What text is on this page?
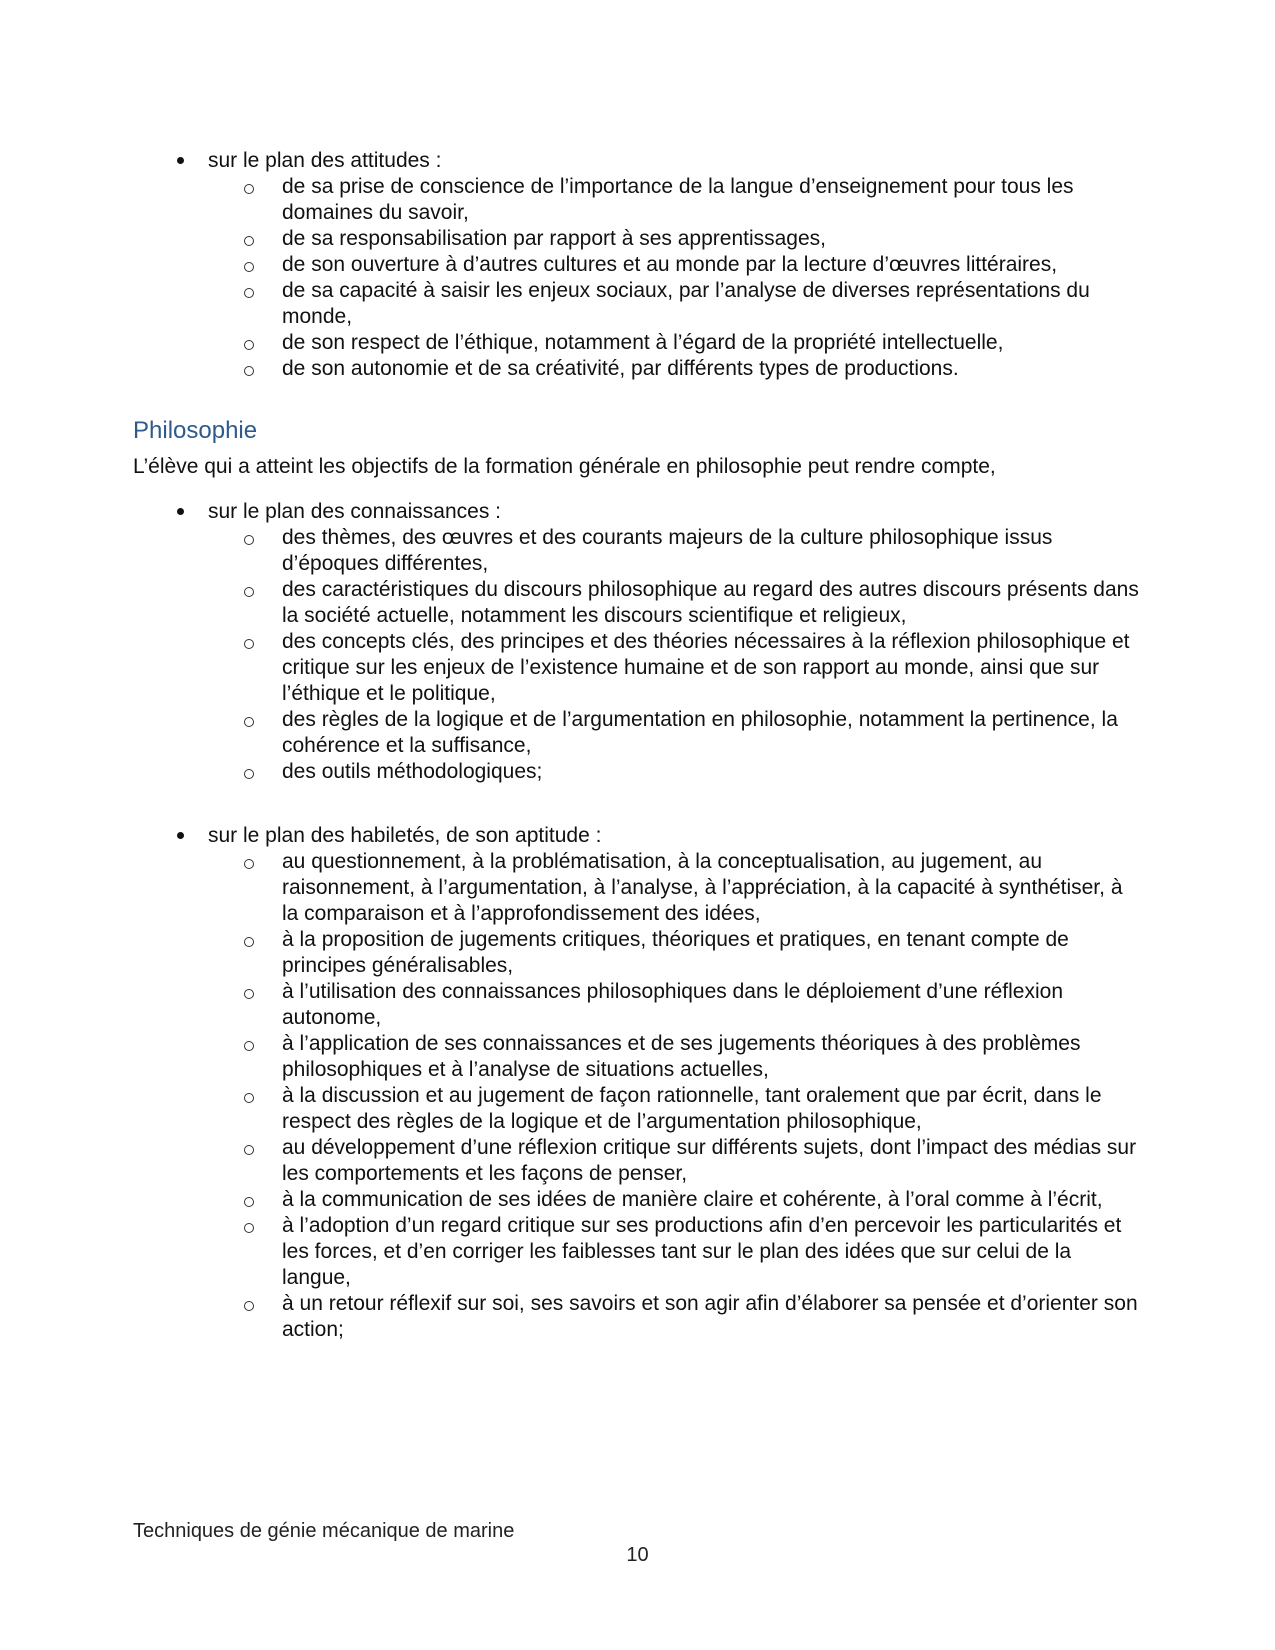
sur le plan des attitudes :
de sa prise de conscience de l’importance de la langue d’enseignement pour tous les domaines du savoir,
de sa responsabilisation par rapport à ses apprentissages,
de son ouverture à d’autres cultures et au monde par la lecture d’œuvres littéraires,
de sa capacité à saisir les enjeux sociaux, par l’analyse de diverses représentations du monde,
de son respect de l’éthique, notamment à l’égard de la propriété intellectuelle,
de son autonomie et de sa créativité, par différents types de productions.
Philosophie
L’élève qui a atteint les objectifs de la formation générale en philosophie peut rendre compte,
sur le plan des connaissances :
des thèmes, des œuvres et des courants majeurs de la culture philosophique issus d’époques différentes,
des caractéristiques du discours philosophique au regard des autres discours présents dans la société actuelle, notamment les discours scientifique et religieux,
des concepts clés, des principes et des théories nécessaires à la réflexion philosophique et critique sur les enjeux de l’existence humaine et de son rapport au monde, ainsi que sur l’éthique et le politique,
des règles de la logique et de l’argumentation en philosophie, notamment la pertinence, la cohérence et la suffisance,
des outils méthodologiques;
sur le plan des habiletés, de son aptitude :
au questionnement, à la problématisation, à la conceptualisation, au jugement, au raisonnement, à l’argumentation, à l’analyse, à l’appréciation, à la capacité à synthétiser, à la comparaison et à l’approfondissement des idées,
à la proposition de jugements critiques, théoriques et pratiques, en tenant compte de principes généralisables,
à l’utilisation des connaissances philosophiques dans le déploiement d’une réflexion autonome,
à l’application de ses connaissances et de ses jugements théoriques à des problèmes philosophiques et à l’analyse de situations actuelles,
à la discussion et au jugement de façon rationnelle, tant oralement que par écrit, dans le respect des règles de la logique et de l’argumentation philosophique,
au développement d’une réflexion critique sur différents sujets, dont l’impact des médias sur les comportements et les façons de penser,
à la communication de ses idées de manière claire et cohérente, à l’oral comme à l’écrit,
à l’adoption d’un regard critique sur ses productions afin d’en percevoir les particularités et les forces, et d’en corriger les faiblesses tant sur le plan des idées que sur celui de la langue,
à un retour réflexif sur soi, ses savoirs et son agir afin d’élaborer sa pensée et d’orienter son action;
Techniques de génie mécanique de marine
10
